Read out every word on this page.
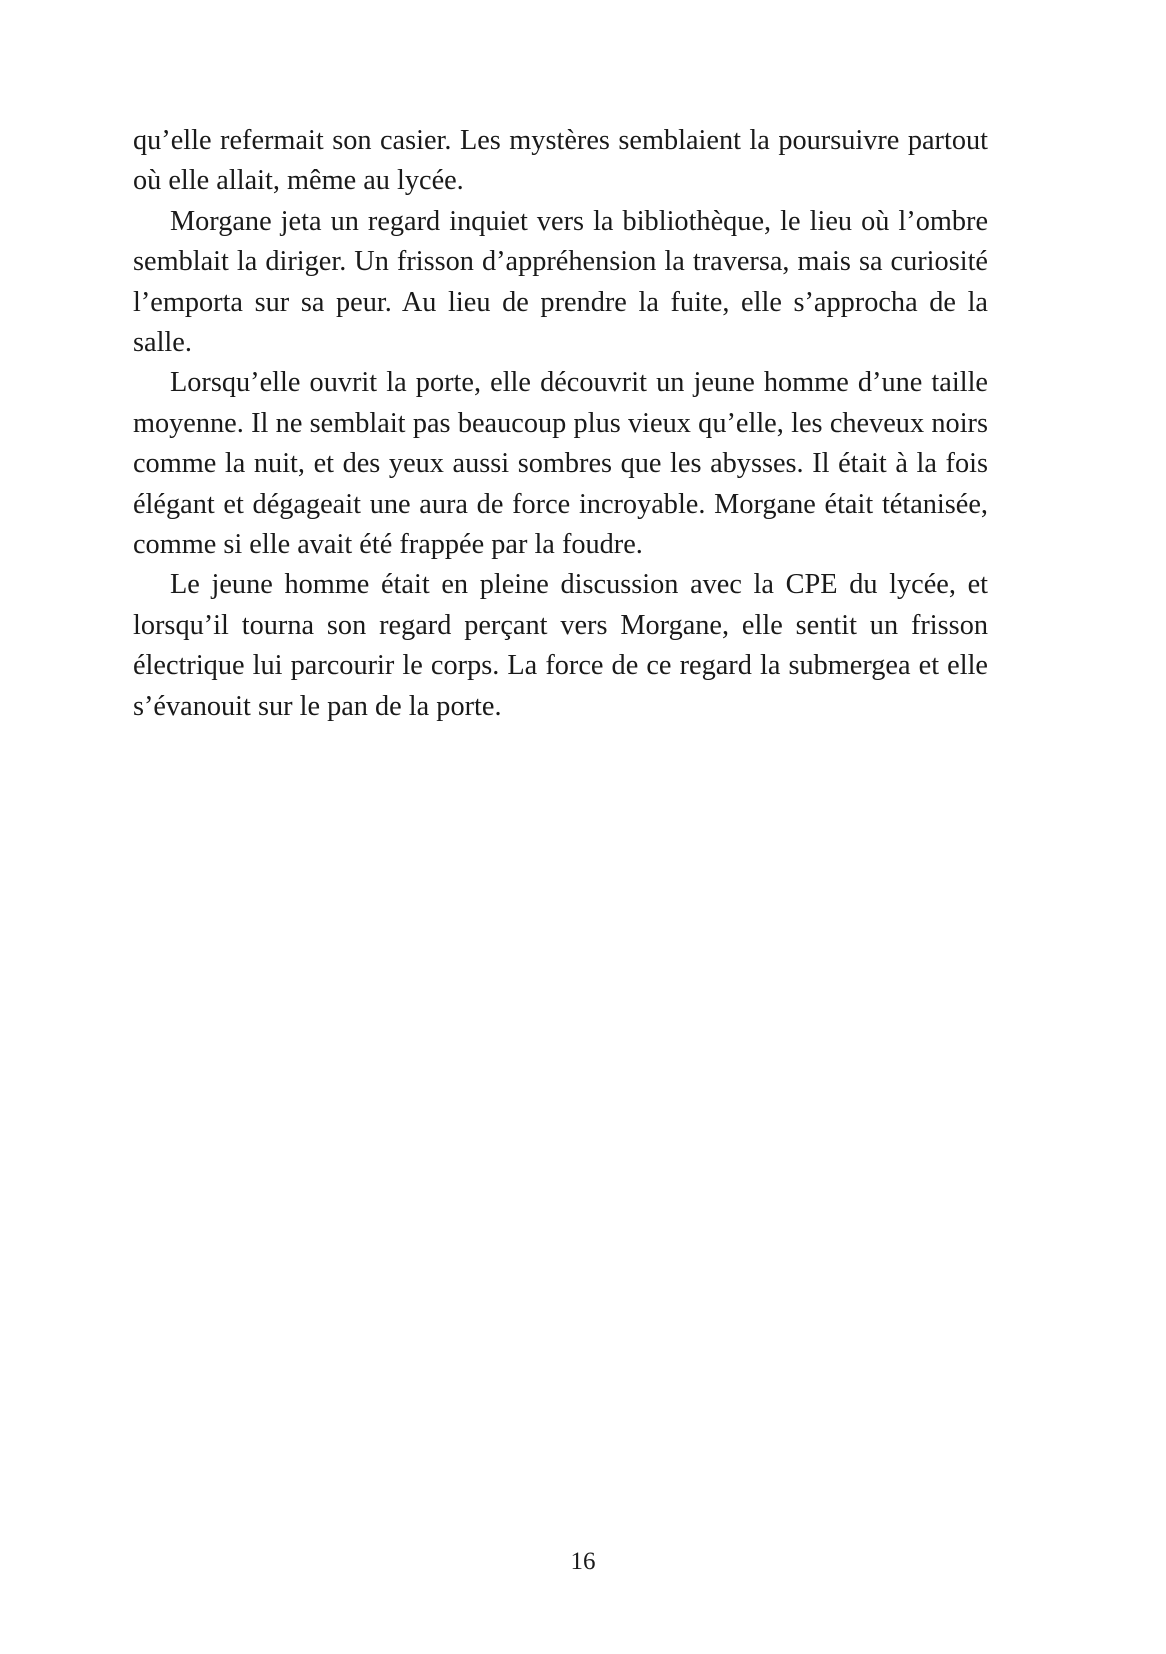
qu’elle refermait son casier. Les mystères semblaient la poursuivre partout où elle allait, même au lycée.

Morgane jeta un regard inquiet vers la bibliothèque, le lieu où l’ombre semblait la diriger. Un frisson d’appréhension la traversa, mais sa curiosité l’emporta sur sa peur. Au lieu de prendre la fuite, elle s’approcha de la salle.

Lorsqu’elle ouvrit la porte, elle découvrit un jeune homme d’une taille moyenne. Il ne semblait pas beaucoup plus vieux qu’elle, les cheveux noirs comme la nuit, et des yeux aussi sombres que les abysses. Il était à la fois élégant et dégageait une aura de force incroyable. Morgane était tétanisée, comme si elle avait été frappée par la foudre.

Le jeune homme était en pleine discussion avec la CPE du lycée, et lorsqu’il tourna son regard perçant vers Morgane, elle sentit un frisson électrique lui parcourir le corps. La force de ce regard la submergea et elle s’évanouit sur le pan de la porte.

16
